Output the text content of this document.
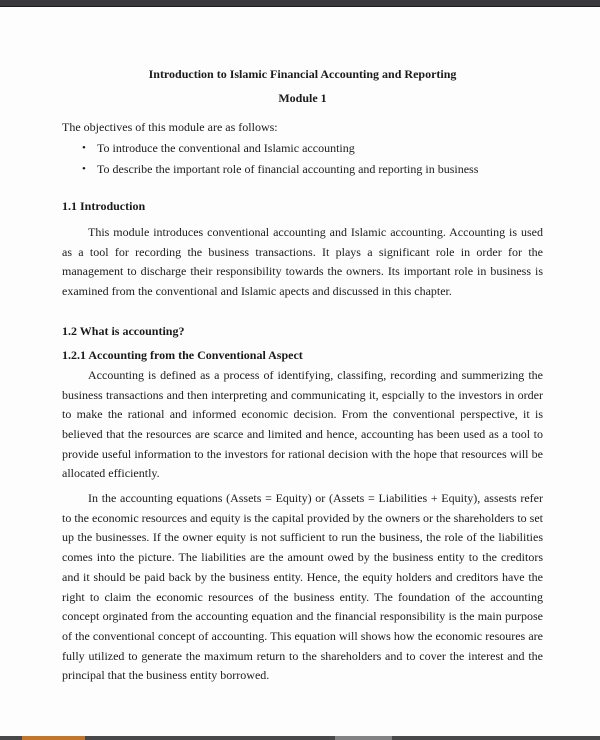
Introduction to Islamic Financial Accounting and Reporting
Module 1
The objectives of this module are as follows:
• To introduce the conventional and Islamic accounting
• To describe the important role of financial accounting and reporting in business
1.1 Introduction
This module introduces conventional accounting and Islamic accounting. Accounting is used as a tool for recording the business transactions. It plays a significant role in order for the management to discharge their responsibility towards the owners. Its important role in business is examined from the conventional and Islamic apects and discussed in this chapter.
1.2 What is accounting?
1.2.1 Accounting from the Conventional Aspect
Accounting is defined as a process of identifying, classifing, recording and summerizing the business transactions and then interpreting and communicating it, espcially to the investors in order to make the rational and informed economic decision. From the conventional perspective, it is believed that the resources are scarce and limited and hence, accounting has been used as a tool to provide useful information to the investors for rational decision with the hope that resources will be allocated efficiently.
In the accounting equations (Assets = Equity) or (Assets = Liabilities + Equity), assests refer to the economic resources and equity is the capital provided by the owners or the shareholders to set up the businesses. If the owner equity is not sufficient to run the business, the role of the liabilities comes into the picture. The liabilities are the amount owed by the business entity to the creditors and it should be paid back by the business entity. Hence, the equity holders and creditors have the right to claim the economic resources of the business entity. The foundation of the accounting concept orginated from the accounting equation and the financial responsibility is the main purpose of the conventional concept of accounting. This equation will shows how the economic resoures are fully utilized to generate the maximum return to the shareholders and to cover the interest and the principal that the business entity borrowed.
